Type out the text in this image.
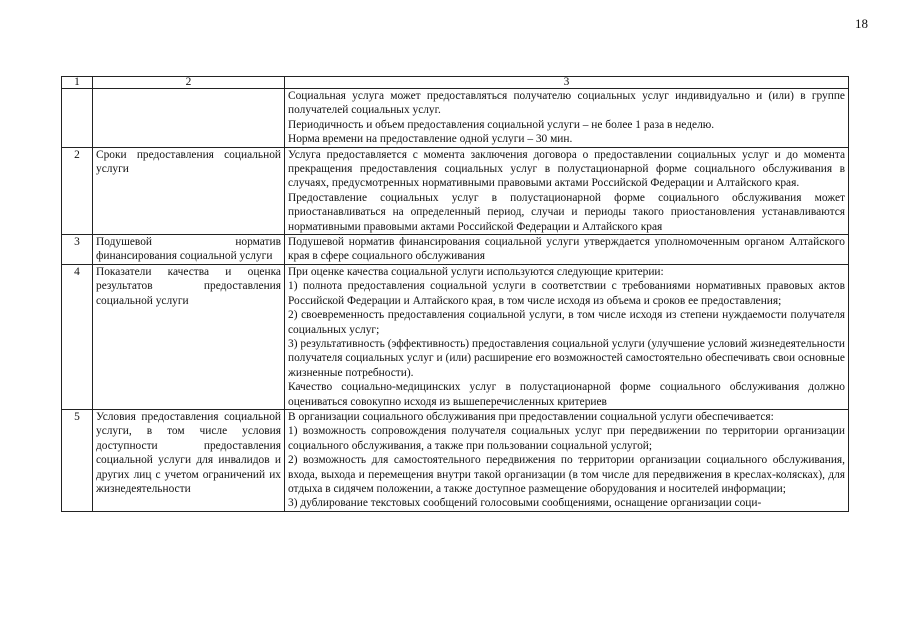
18
1	2	3

		Социальная услуга может предоставляться получателю социальных услуг индивидуально и (или) в группе получателей социальных услуг.
Периодичность и объем предоставления социальной услуги – не более 1 раза в неделю.
Норма времени на предоставление одной услуги – 30 мин.

2	Сроки предоставления социальной услуги	Услуга предоставляется с момента заключения договора о предоставлении социальных услуг и до момента прекращения предоставления социальных услуг в полустационарной форме социального обслуживания в случаях, предусмотренных нормативными правовыми актами Российской Федерации и Алтайского края.
Предоставление социальных услуг в полустационарной форме социального обслуживания может приостанавливаться на определенный период, случаи и периоды такого приостановления устанавливаются нормативными правовыми актами Российской Федерации и Алтайского края

3	Подушевой норматив финансирования социальной услуги	Подушевой норматив финансирования социальной услуги утверждается уполномоченным органом Алтайского края в сфере социального обслуживания

4	Показатели качества и оценка результатов предоставления социальной услуги	При оценке качества социальной услуги используются следующие критерии:
1) полнота предоставления социальной услуги в соответствии с требованиями нормативных правовых актов Российской Федерации и Алтайского края, в том числе исходя из объема и сроков ее предоставления;
2) своевременность предоставления социальной услуги, в том числе исходя из степени нуждаемости получателя социальных услуг;
3) результативность (эффективность) предоставления социальной услуги (улучшение условий жизнедеятельности получателя социальных услуг и (или) расширение его возможностей самостоятельно обеспечивать свои основные жизненные потребности).
Качество социально-медицинских услуг в полустационарной форме социального обслуживания должно оцениваться совокупно исходя из вышеперечисленных критериев

5	Условия предоставления социальной услуги, в том числе условия доступности предоставления социальной услуги для инвалидов и других лиц с учетом ограничений их жизнедеятельности	В организации социального обслуживания при предоставлении социальной услуги обеспечивается:
1) возможность сопровождения получателя социальных услуг при передвижении по территории организации социального обслуживания, а также при пользовании социальной услугой;
2) возможность для самостоятельного передвижения по территории организации социального обслуживания, входа, выхода и перемещения внутри такой организации (в том числе для передвижения в креслах-колясках), для отдыха в сидячем положении, а также доступное размещение оборудования и носителей информации;
3) дублирование текстовых сообщений голосовыми сообщениями, оснащение организации соци-
